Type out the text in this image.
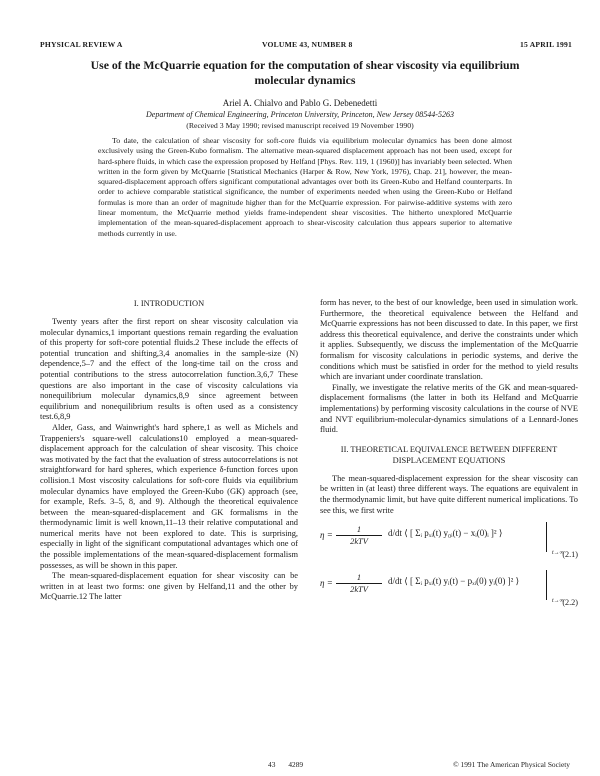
PHYSICAL REVIEW A	VOLUME 43, NUMBER 8	15 APRIL 1991
Use of the McQuarrie equation for the computation of shear viscosity via equilibrium molecular dynamics
Ariel A. Chialvo and Pablo G. Debenedetti
Department of Chemical Engineering, Princeton University, Princeton, New Jersey 08544-5263
(Received 3 May 1990; revised manuscript received 19 November 1990)
To date, the calculation of shear viscosity for soft-core fluids via equilibrium molecular dynamics has been done almost exclusively using the Green-Kubo formalism. The alternative mean-squared displacement approach has not been used, except for hard-sphere fluids, in which case the expression proposed by Helfand [Phys. Rev. 119, 1 (1960)] has invariably been selected. When written in the form given by McQuarrie [Statistical Mechanics (Harper & Row, New York, 1976), Chap. 21], however, the mean-squared-displacement approach offers significant computational advantages over both its Green-Kubo and Helfand counterparts. In order to achieve comparable statistical significance, the number of experiments needed when using the Green-Kubo or Helfand formulas is more than an order of magnitude higher than for the McQuarrie expression. For pairwise-additive systems with zero linear momentum, the McQuarrie method yields frame-independent shear viscosities. The hitherto unexplored McQuarrie implementation of the mean-squared-displacement approach to shear-viscosity calculation thus appears superior to alternative methods currently in use.
I. INTRODUCTION

Twenty years after the first report on shear viscosity calculation via molecular dynamics,1 important questions remain regarding the evaluation of this property for soft-core potential fluids.2 These include the effects of potential truncation and shifting,3,4 anomalies in the sample-size (N) dependence,5–7 and the effect of the long-time tail on the cross and potential contributions to the stress autocorrelation function.3,6,7 These questions are also important in the case of viscosity calculations via nonequilibrium molecular dynamics,8,9 since agreement between equilibrium and nonequilibrium results is often used as a consistency test.6,8,9

Alder, Gass, and Wainwright's hard sphere,1 as well as Michels and Trappeniers's square-well calculations10 employed a mean-squared-displacement approach for the calculation of shear viscosity. This choice was motivated by the fact that the evaluation of stress autocorrelations is not straightforward for hard spheres, which experience δ-function forces upon collision.1 Most viscosity calculations for soft-core fluids via equilibrium molecular dynamics have employed the Green-Kubo (GK) approach (see, for example, Refs. 3–5, 8, and 9). Although the theoretical equivalence between the mean-squared-displacement and GK formalisms in the thermodynamic limit is well known,11–13 their relative computational and numerical merits have not been explored to date. This is surprising, especially in light of the significant computational advantages which one of the possible implementations of the mean-squared-displacement formalism possesses, as will be shown in this paper.

The mean-squared-displacement equation for shear viscosity can be written in at least two forms: one given by Helfand,11 and the other by McQuarrie.12 The latter

form has never, to the best of our knowledge, been used in simulation work. Furthermore, the theoretical equivalence between the Helfand and McQuarrie expressions has not been discussed to date. In this paper, we first address this theoretical equivalence, and derive the constraints under which it applies. Subsequently, we discuss the implementation of the McQuarrie formalism for viscosity calculations in periodic systems, and derive the conditions which must be satisfied in order for the method to yield results which are invariant under coordinate translation.

Finally, we investigate the relative merits of the GK and mean-squared-displacement formalisms (the latter in both its Helfand and McQuarrie implementations) by performing viscosity calculations in the course of NVE and NVT equilibrium-molecular-dynamics simulations of a Lennard-Jones fluid.

II. THEORETICAL EQUIVALENCE BETWEEN DIFFERENT DISPLACEMENT EQUATIONS

The mean-squared-displacement expression for the shear viscosity can be written in (at least) three different ways. The equations are equivalent in the thermodynamic limit, but have quite different numerical implications. To see this, we first write

η =
1
2kTV
d/dt ⟨ [ Σᵢ pₓᵢ(t) y₀ᵢ(t) − xᵢ(0)ᵢ ]² ⟩
t→∞
(2.1)
η =
1
2kTV
d/dt ⟨ [ Σᵢ pₓᵢ(t) yᵢ(t) − pₓᵢ(0) yᵢ(0) ]² ⟩
t→∞
(2.2)
43       4289	© 1991 The American Physical Society
